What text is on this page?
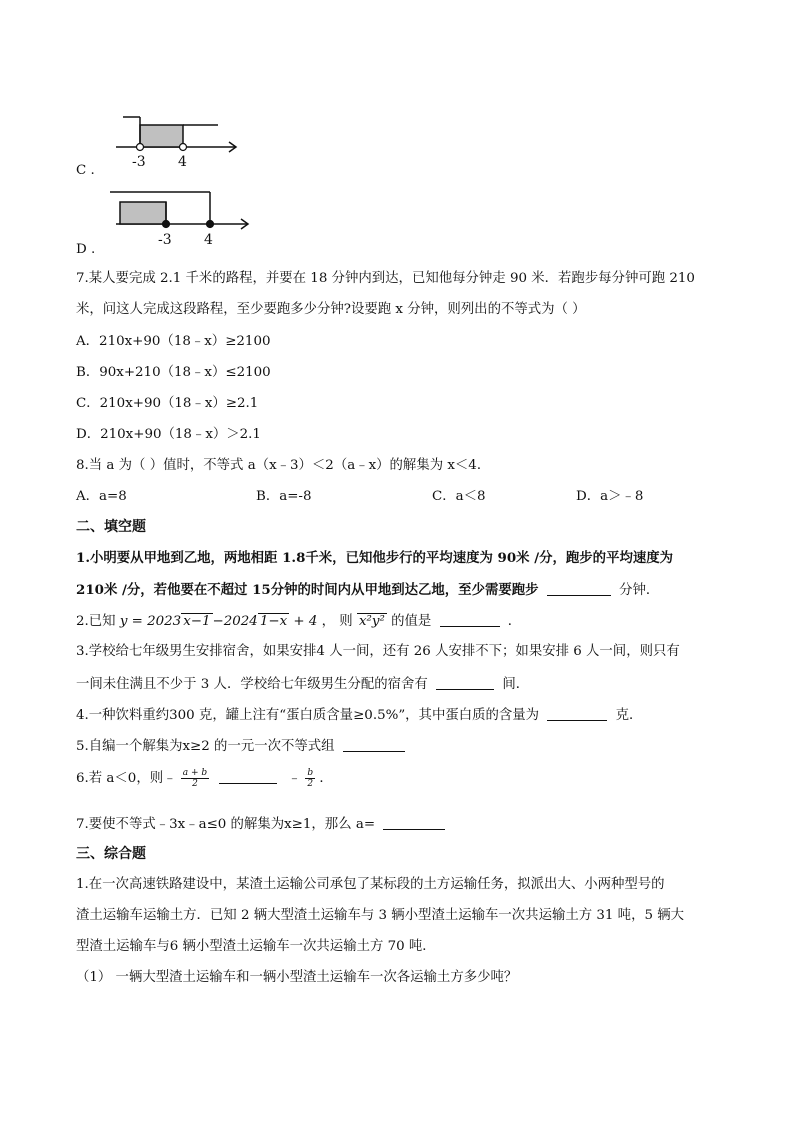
-3 4
C .
-3 4
D .
7.某人要完成 2.1 千米的路程，并要在 18 分钟内到达，已知他每分钟走 90 米．若跑步每分钟可跑 210
米，问这人完成这段路程，至少要跑多少分钟?设要跑 x 分钟，则列出的不等式为（ ）
A．210x+90（18﹣x）≥2100
B．90x+210（18﹣x）≤2100
C．210x+90（18﹣x）≥2.1
D．210x+90（18﹣x）＞2.1
8.当 a 为（ ）值时，不等式 a（x﹣3）＜2（a﹣x）的解集为 x＜4．
A．a=8	B．a=-8	C．a＜8	D．a＞﹣8
二、填空题
1.小明要从甲地到乙地，两地相距 1.8千米，已知他步行的平均速度为 90米 /分，跑步的平均速度为
210米 /分，若他要在不超过 15分钟的时间内从甲地到达乙地，至少需要跑步	分钟．
2.已知 y = 2023 x−1 −2024 1−x + 4 ， 则 x²y² 的值是	．
3.学校给七年级男生安排宿舍，如果安排4 人一间，还有 26 人安排不下；如果安排 6 人一间，则只有
一间未住满且不少于 3 人．学校给七年级男生分配的宿舍有	间．
4.一种饮料重约300 克，罐上注有“蛋白质含量≥0.5%”，其中蛋白质的含量为	克．
5.自编一个解集为x≥2 的一元一次不等式组
6.若 a＜0，则﹣ $\frac{a + b}{2}$	﹣ $\frac{b}{2}$ ．
7.要使不等式﹣3x﹣a≤0 的解集为x≥1，那么 a=
三、综合题
1.在一次高速铁路建设中，某渣土运输公司承包了某标段的土方运输任务，拟派出大、小两种型号的
渣土运输车运输土方．已知 2 辆大型渣土运输车与 3 辆小型渣土运输车一次共运输土方 31 吨，5 辆大
型渣土运输车与6 辆小型渣土运输车一次共运输土方 70 吨．
（1） 一辆大型渣土运输车和一辆小型渣土运输车一次各运输土方多少吨？
